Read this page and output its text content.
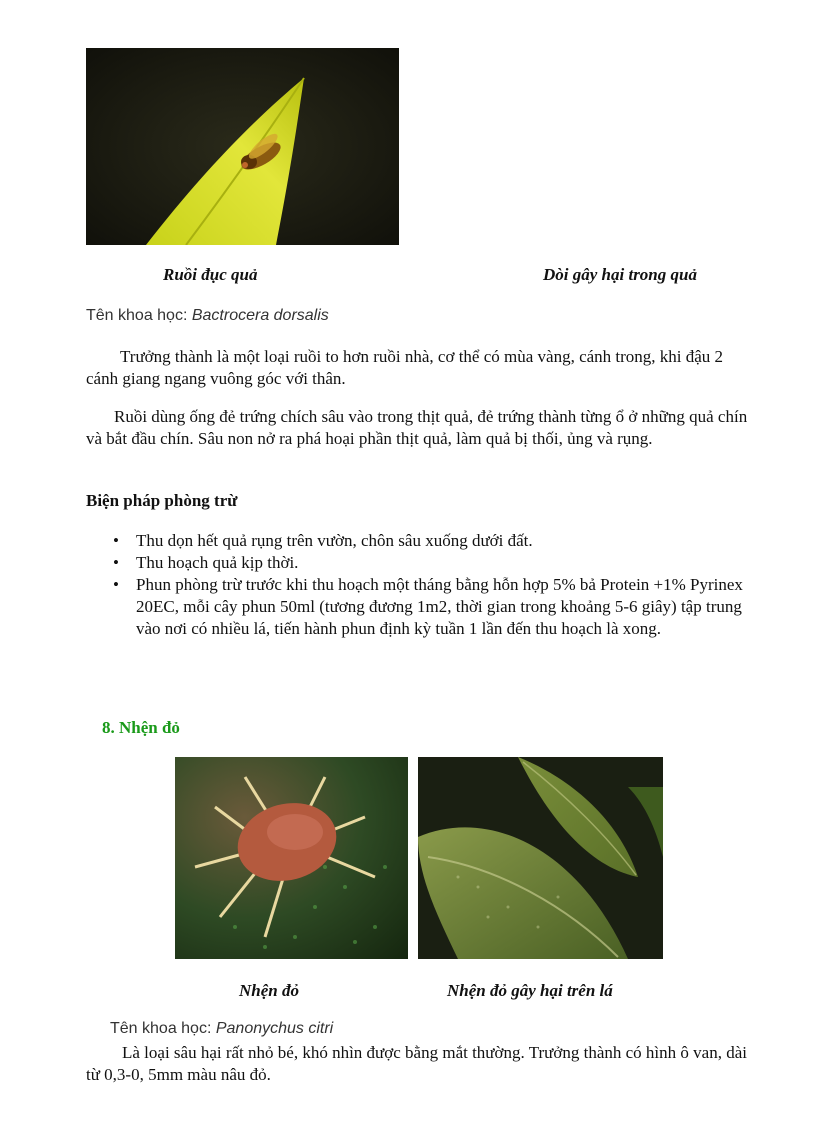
Ruồi đục quả	Dòi gây hại trong quả
Tên khoa học: Bactrocera dorsalis
Trưởng thành là một loại ruồi to hơn ruồi nhà, cơ thể có mùa vàng, cánh trong, khi đậu 2 cánh giang ngang vuông góc với thân.
Ruồi dùng ống đẻ trứng chích sâu vào trong thịt quả, đẻ trứng thành từng ổ ở những quả chín và bắt đầu chín. Sâu non nở ra phá hoại phần thịt quả, làm quả bị thối, ủng và rụng.
Biện pháp phòng trừ
• Thu dọn hết quả rụng trên vườn, chôn sâu xuống dưới đất.
• Thu hoạch quả kịp thời.
• Phun phòng trừ trước khi thu hoạch một tháng bằng hỗn hợp 5% bả Protein +1% Pyrinex 20EC, mỗi cây phun 50ml (tương đương 1m2, thời gian trong khoảng 5-6 giây) tập trung vào nơi có nhiều lá, tiến hành phun định kỳ tuần 1 lần đến thu hoạch là xong.
8. Nhện đỏ
Nhện đỏ	Nhện đỏ gây hại trên lá
Tên khoa học: Panonychus citri
Là loại sâu hại rất nhỏ bé, khó nhìn được bằng mắt thường. Trưởng thành có hình ô van, dài từ 0,3-0, 5mm màu nâu đỏ.
